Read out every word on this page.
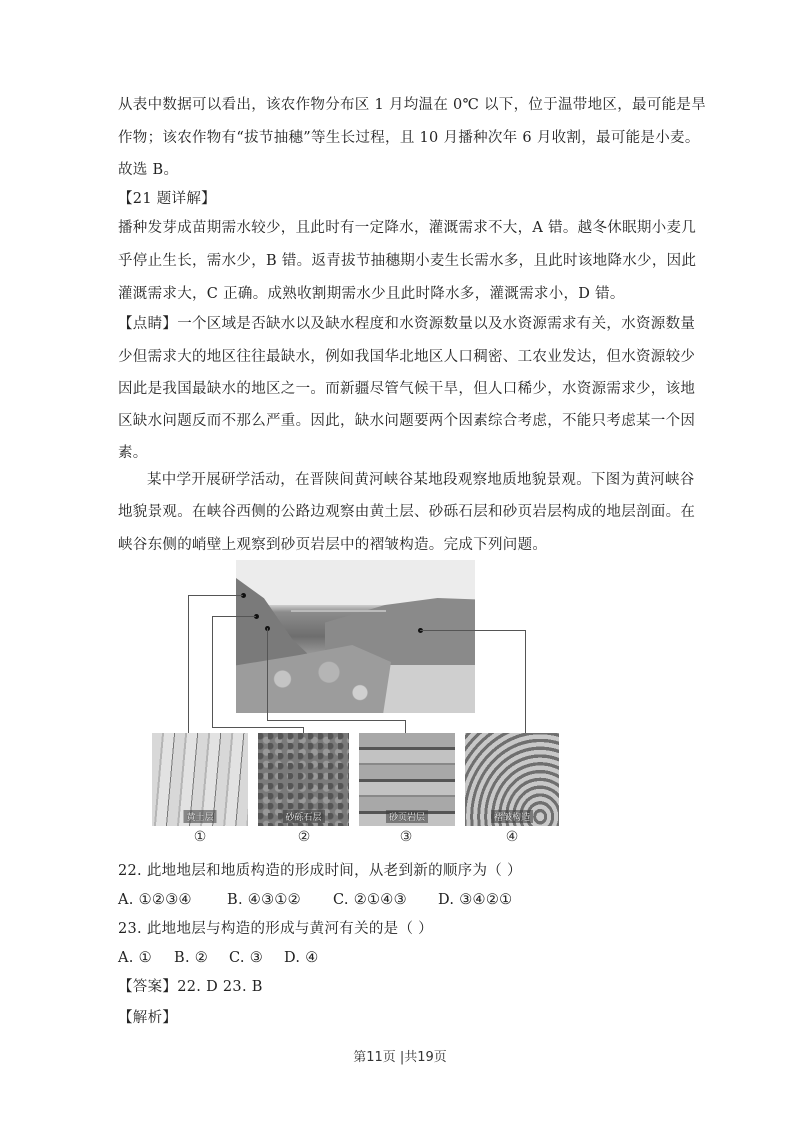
从表中数据可以看出，该农作物分布区 1 月均温在 0℃ 以下，位于温带地区，最可能是旱
作物；该农作物有“拔节抽穗”等生长过程，且 10 月播种次年 6 月收割，最可能是小麦。
故选 B。
【21 题详解】
播种发芽成苗期需水较少，且此时有一定降水，灌溉需求不大，A 错。越冬休眠期小麦几
乎停止生长，需水少，B 错。返青拔节抽穗期小麦生长需水多，且此时该地降水少，因此
灌溉需求大，C 正确。成熟收割期需水少且此时降水多，灌溉需求小，D 错。
【点睛】一个区域是否缺水以及缺水程度和水资源数量以及水资源需求有关，水资源数量
少但需求大的地区往往最缺水，例如我国华北地区人口稠密、工农业发达，但水资源较少
因此是我国最缺水的地区之一。而新疆尽管气候干旱，但人口稀少，水资源需求少，该地
区缺水问题反而不那么严重。因此，缺水问题要两个因素综合考虑，不能只考虑某一个因
素。
某中学开展研学活动，在晋陕间黄河峡谷某地段观察地质地貌景观。下图为黄河峡谷
地貌景观。在峡谷西侧的公路边观察由黄土层、砂砾石层和砂页岩层构成的地层剖面。在
峡谷东侧的峭壁上观察到砂页岩层中的褶皱构造。完成下列问题。
黄土层	砂砾石层	砂页岩层	褶皱构造
①	②	③	④
22. 此地地层和地质构造的形成时间，从老到新的顺序为（ ）
A. ①②③④	B. ④③①②	C. ②①④③	D. ③④②①
23. 此地地层与构造的形成与黄河有关的是（ ）
A. ①	B. ②	C. ③	D. ④
【答案】22. D 23. B
【解析】
第11页 |共19页
